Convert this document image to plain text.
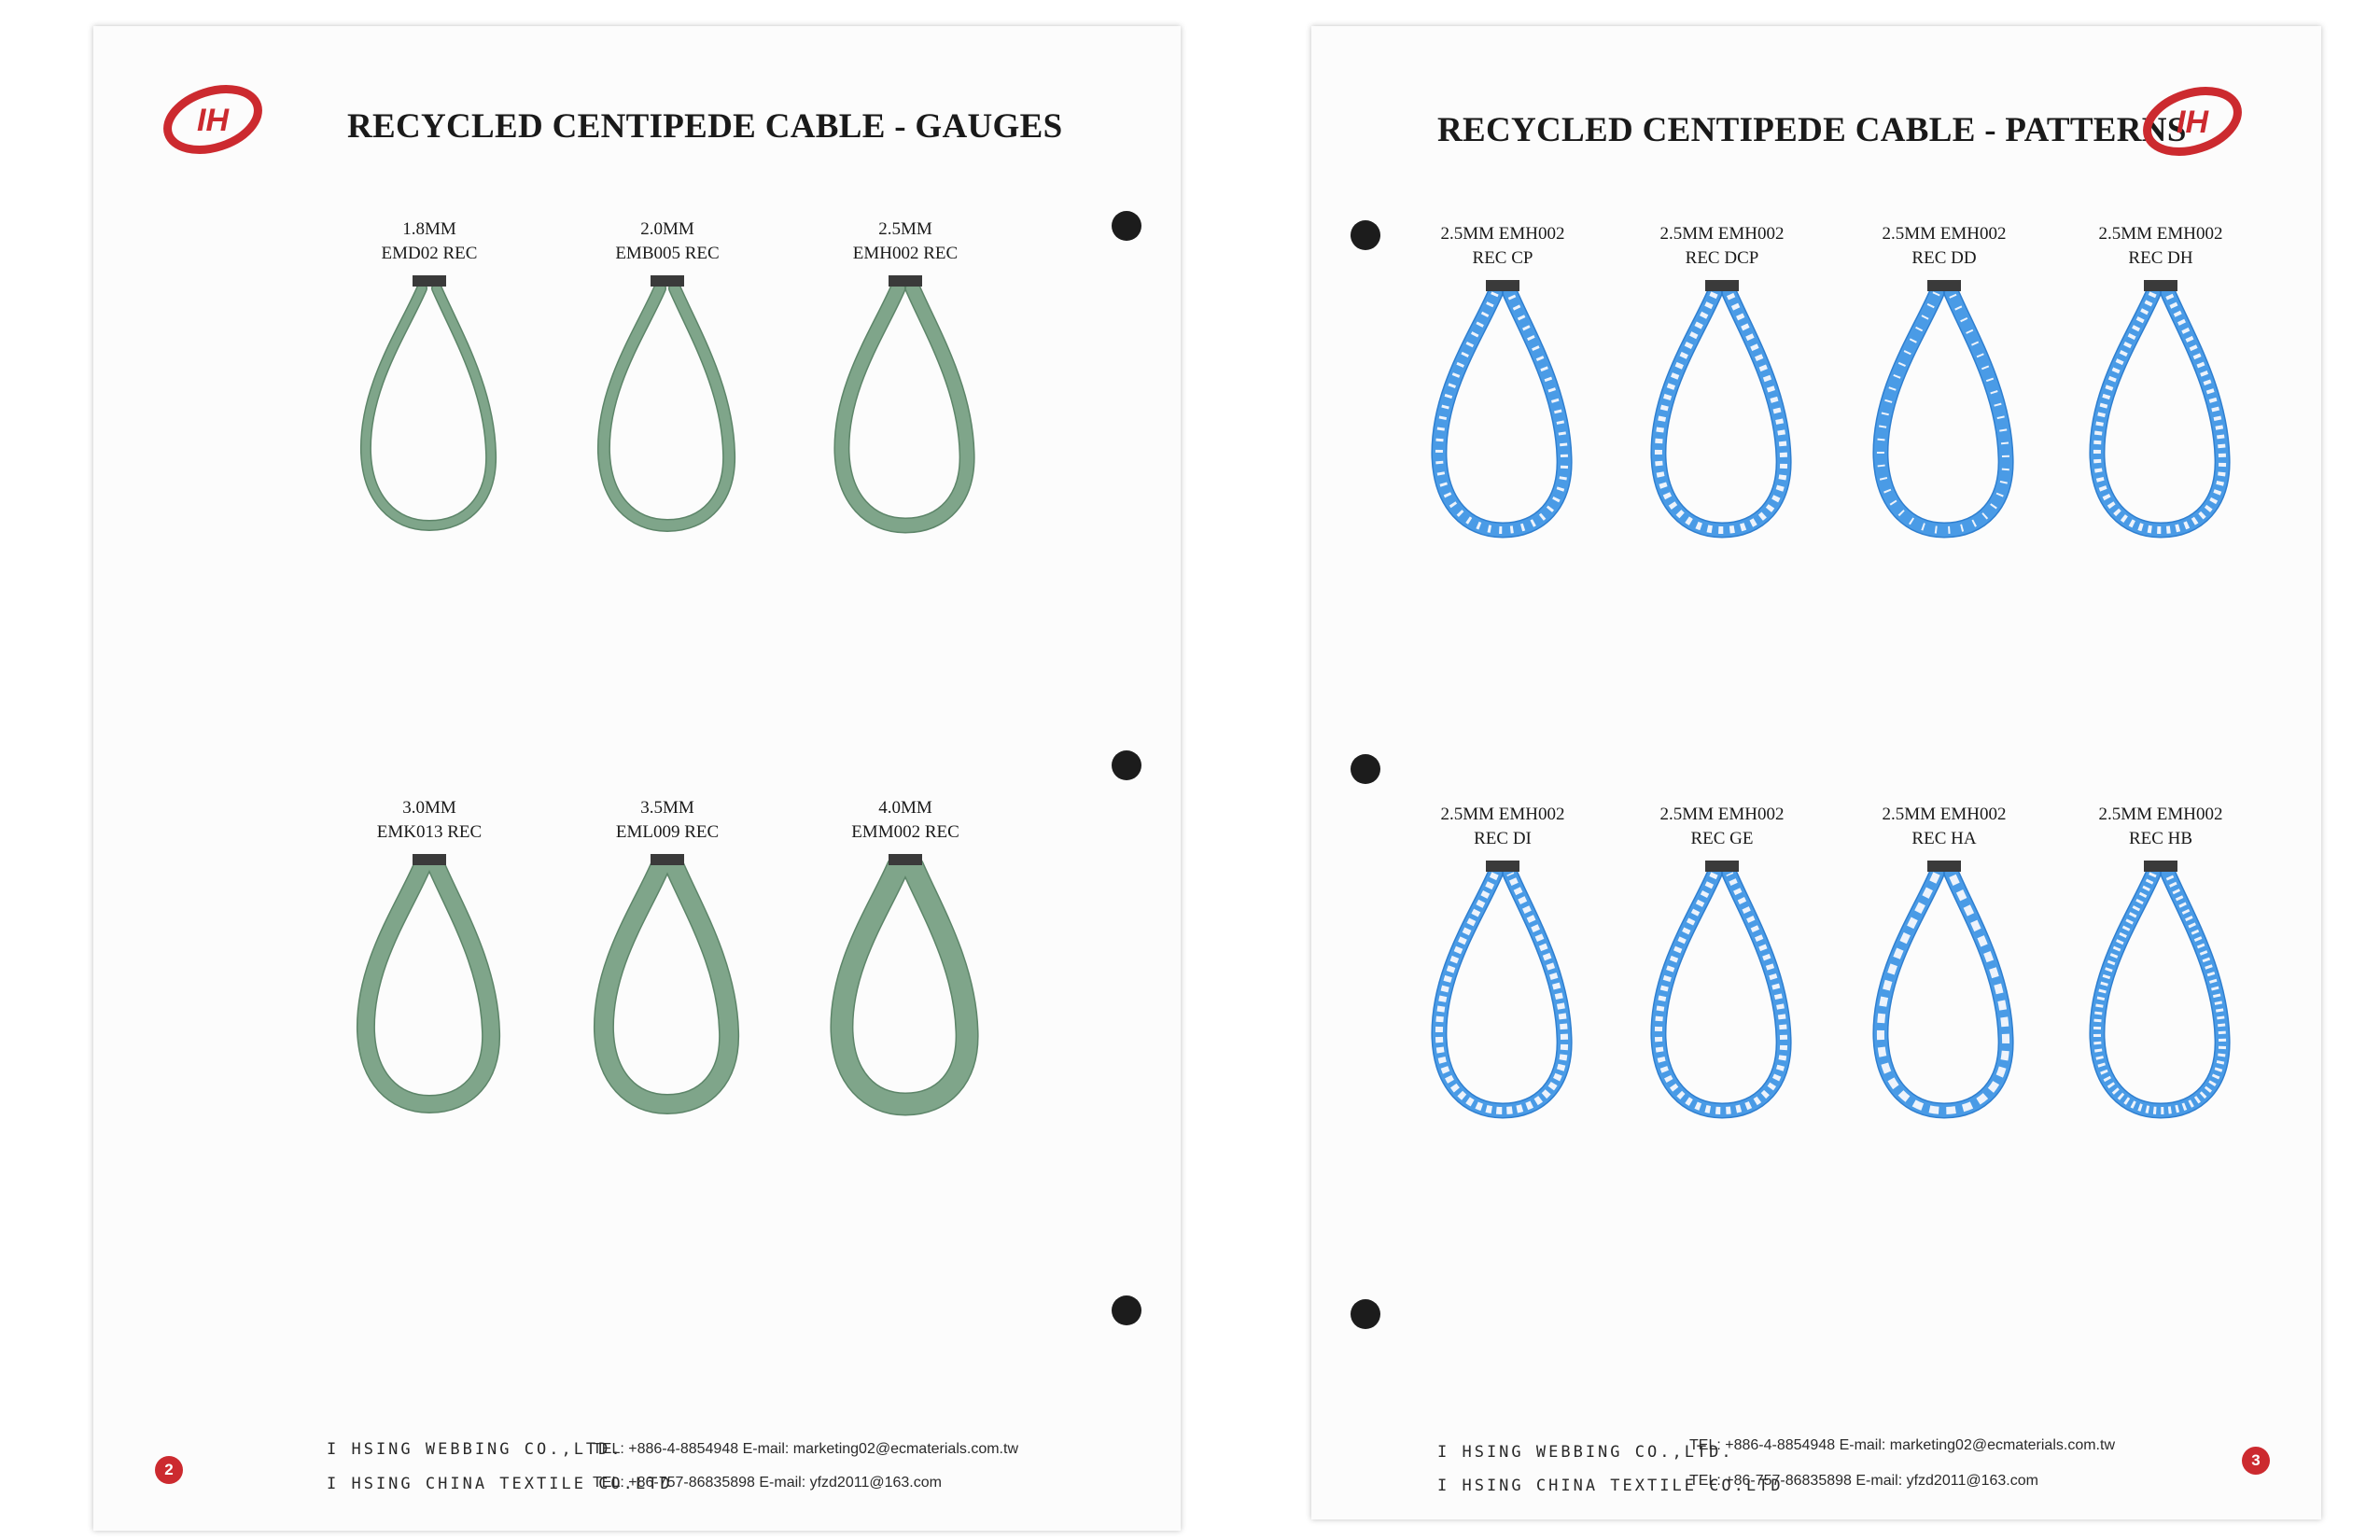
IH	RECYCLED CENTIPEDE CABLE - GAUGES
1.8MM
EMD02 REC
2.0MM
EMB005 REC
2.5MM
EMH002 REC
3.0MM
EMK013 REC
3.5MM
EML009 REC
4.0MM
EMM002 REC
I HSING WEBBING CO.,LTD.
I HSING CHINA TEXTILE CO.LTD
TEL: +886-4-8854948 E-mail: marketing02@ecmaterials.com.tw
TEL: +86-757-86835898 E-mail: yfzd2011@163.com
2
RECYCLED CENTIPEDE CABLE - PATTERNS
IH
2.5MM EMH002
REC CP
2.5MM EMH002
REC DCP
2.5MM EMH002
REC DD
2.5MM EMH002
REC DH
2.5MM EMH002
REC DI
2.5MM EMH002
REC GE
2.5MM EMH002
REC HA
2.5MM EMH002
REC HB
I HSING WEBBING CO.,LTD.
I HSING CHINA TEXTILE CO.LTD
TEL: +886-4-8854948 E-mail: marketing02@ecmaterials.com.tw
TEL: +86-757-86835898 E-mail: yfzd2011@163.com
3
